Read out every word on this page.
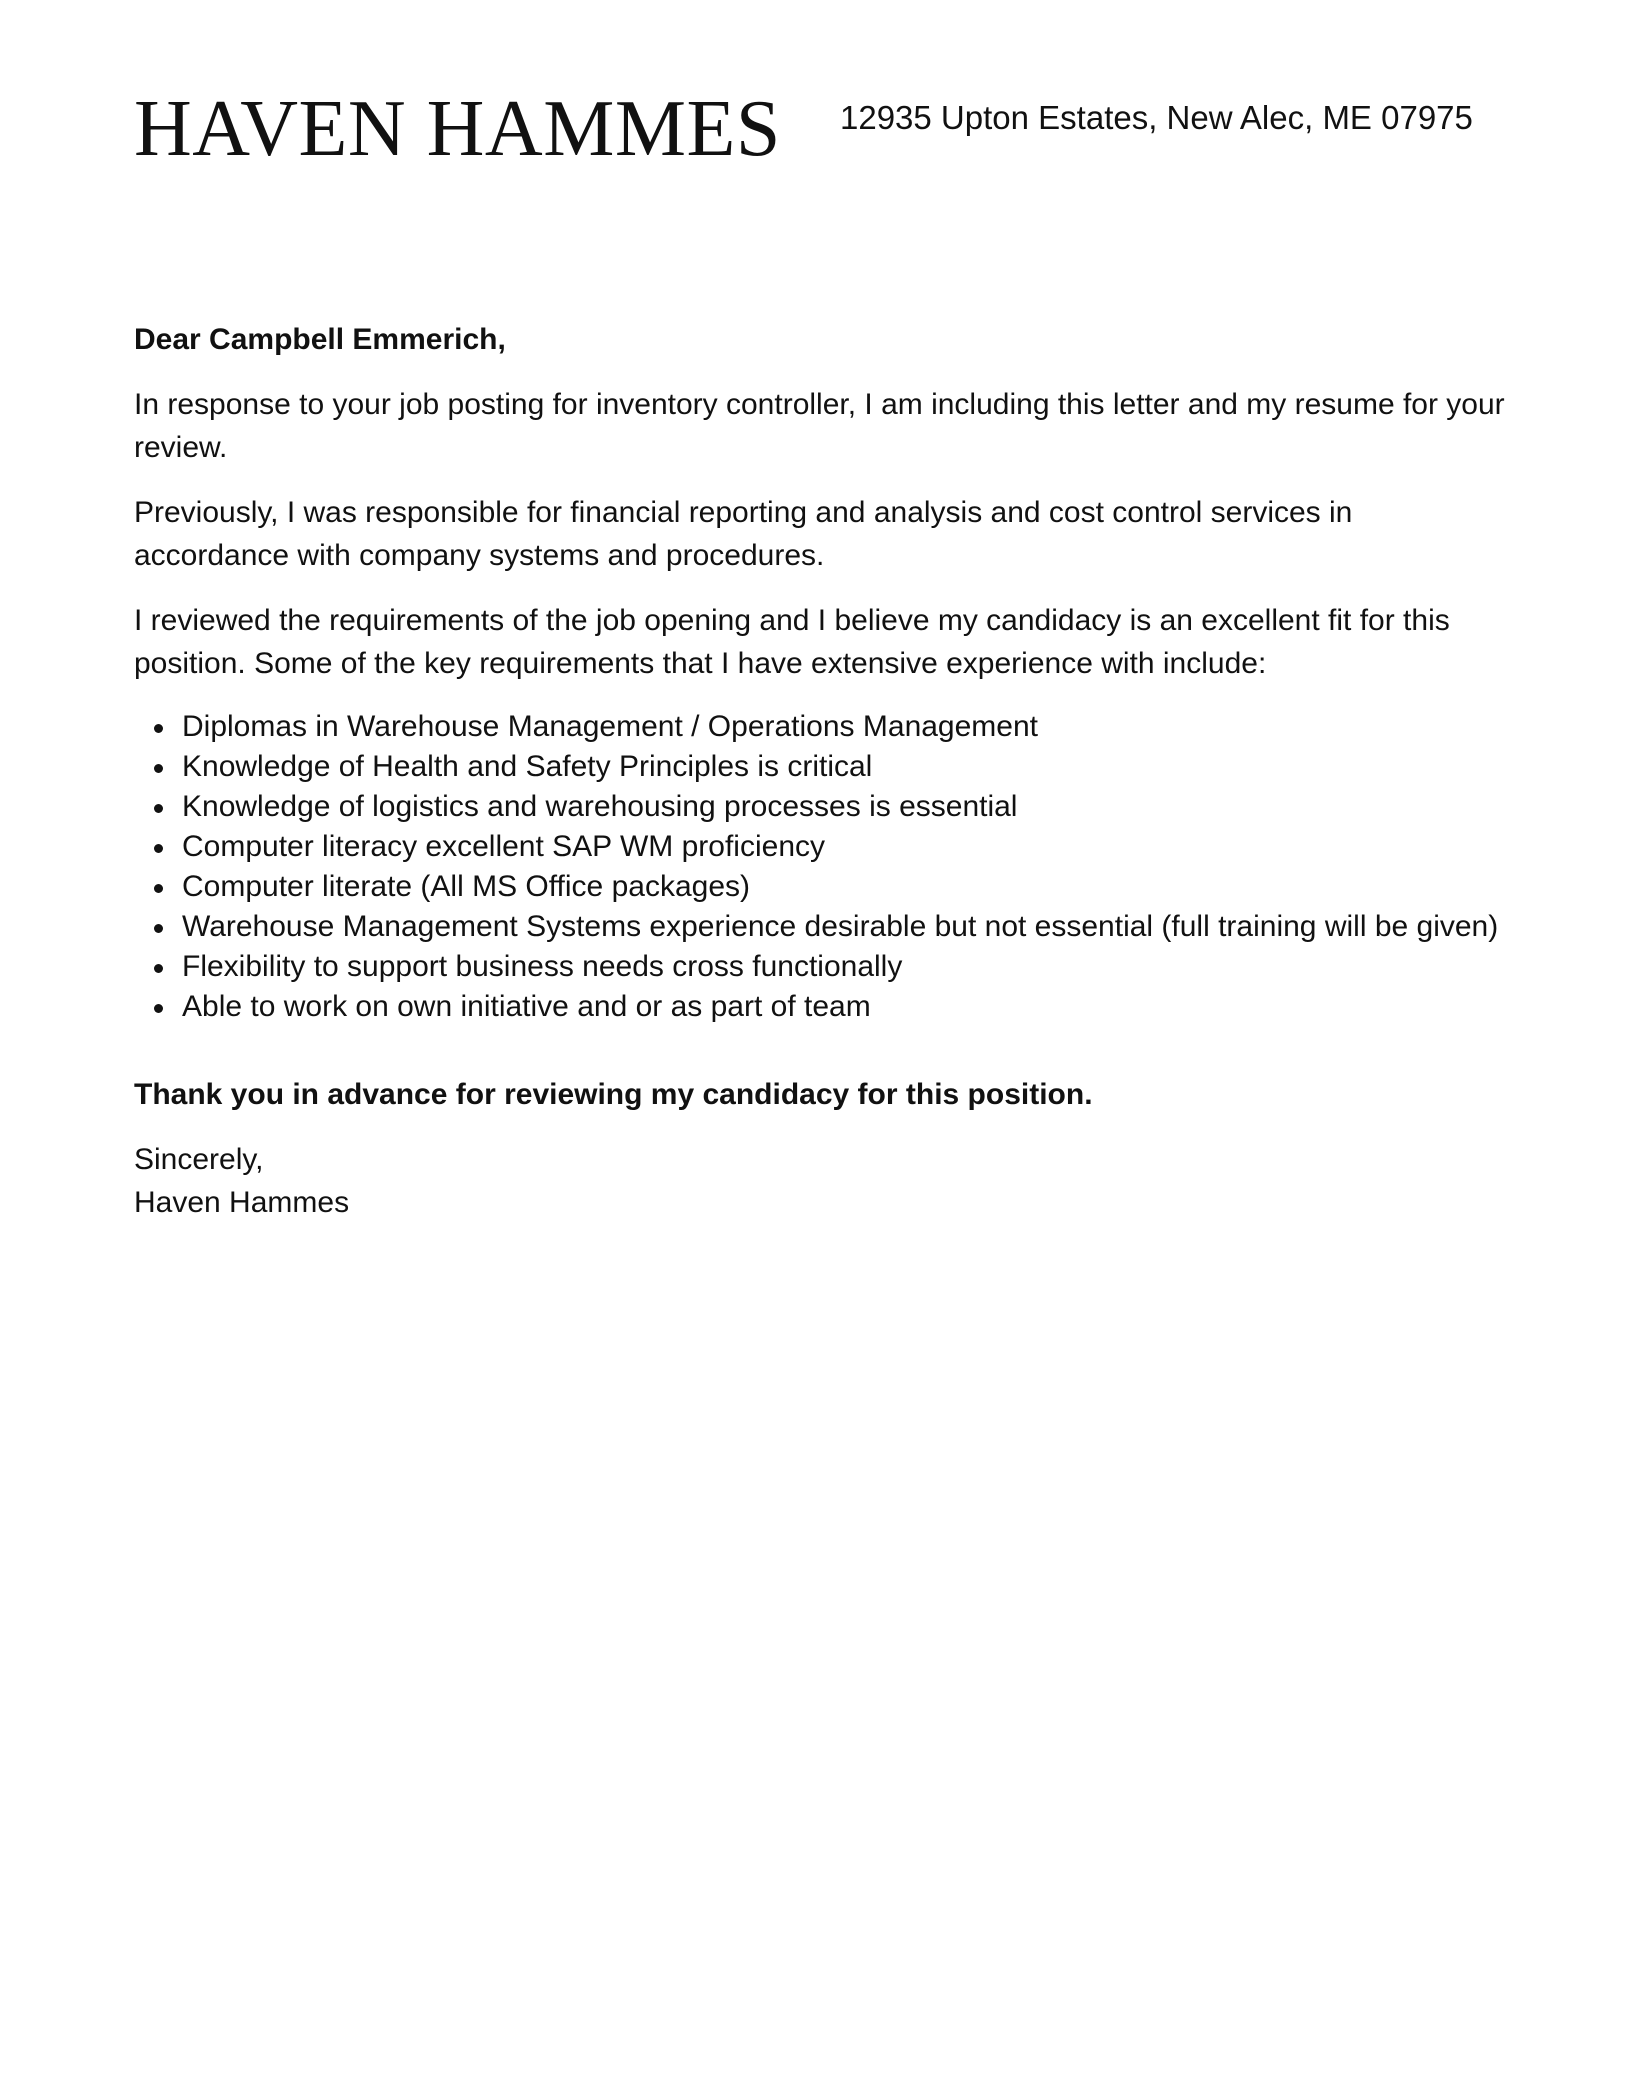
HAVEN HAMMES 12935 Upton Estates, New Alec, ME 07975

Dear Campbell Emmerich,

In response to your job posting for inventory controller, I am including this letter and my resume for your review.

Previously, I was responsible for financial reporting and analysis and cost control services in accordance with company systems and procedures.

I reviewed the requirements of the job opening and I believe my candidacy is an excellent fit for this position. Some of the key requirements that I have extensive experience with include:

Diplomas in Warehouse Management / Operations Management
Knowledge of Health and Safety Principles is critical
Knowledge of logistics and warehousing processes is essential
Computer literacy excellent SAP WM proficiency
Computer literate (All MS Office packages)
Warehouse Management Systems experience desirable but not essential (full training will be given)
Flexibility to support business needs cross functionally
Able to work on own initiative and or as part of team

Thank you in advance for reviewing my candidacy for this position.

Sincerely,

Haven Hammes
